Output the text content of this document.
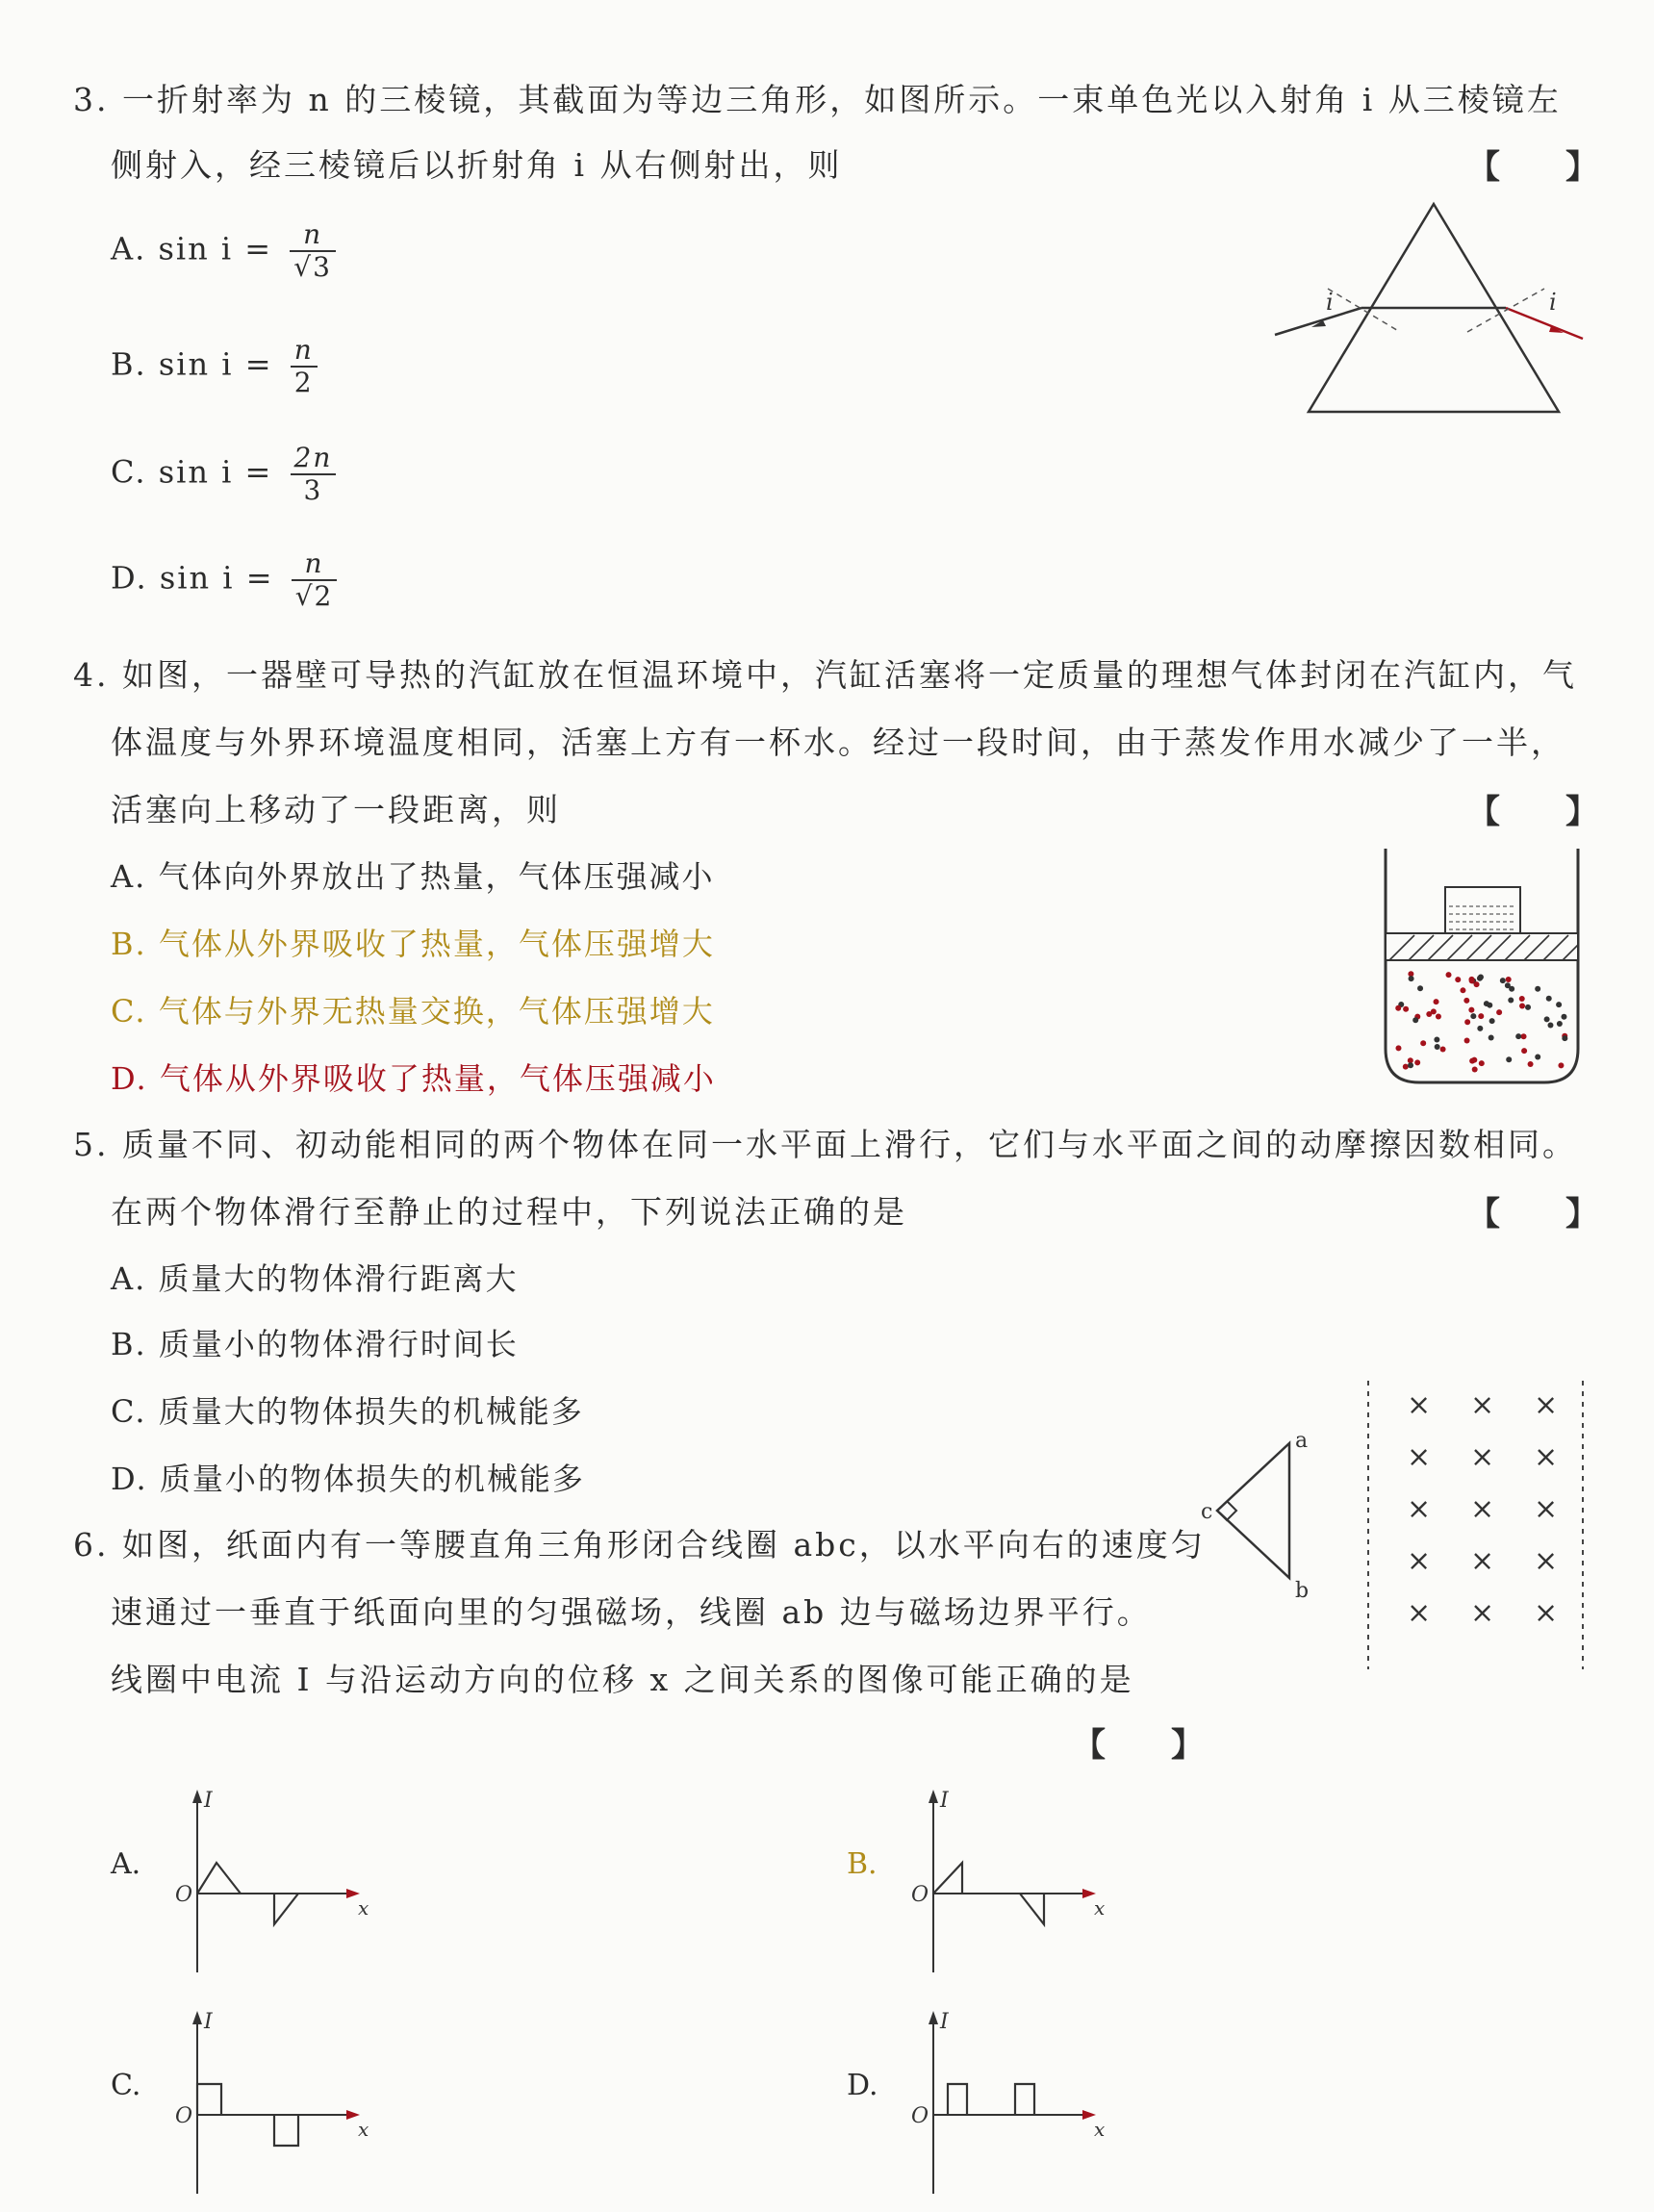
3. 一折射率为 n 的三棱镜，其截面为等边三角形，如图所示。一束单色光以入射角 i 从三棱镜左
侧射入，经三棱镜后以折射角 i 从右侧射出，则	【　　】
A. $\sin i = \frac{n}{√3}$
B. $\sin i = \frac{n}{2}$
C. $\sin i = \frac{2n}{3}$
D. $\sin i = \frac{n}{√2}$
i	i
4. 如图，一器壁可导热的汽缸放在恒温环境中，汽缸活塞将一定质量的理想气体封闭在汽缸内，气
体温度与外界环境温度相同，活塞上方有一杯水。经过一段时间，由于蒸发作用水减少了一半，
活塞向上移动了一段距离，则	【　　】
A. 气体向外界放出了热量，气体压强减小
B. 气体从外界吸收了热量，气体压强增大
C. 气体与外界无热量交换，气体压强增大
D. 气体从外界吸收了热量，气体压强减小
5. 质量不同、初动能相同的两个物体在同一水平面上滑行，它们与水平面之间的动摩擦因数相同。
在两个物体滑行至静止的过程中，下列说法正确的是	【　　】
A. 质量大的物体滑行距离大
B. 质量小的物体滑行时间长
C. 质量大的物体损失的机械能多
D. 质量小的物体损失的机械能多
6. 如图，纸面内有一等腰直角三角形闭合线圈 abc，以水平向右的速度匀
速通过一垂直于纸面向里的匀强磁场，线圈 ab 边与磁场边界平行。
线圈中电流 I 与沿运动方向的位移 x 之间关系的图像可能正确的是
【　　】
a
c
b
× × ×
× × ×
× × ×
× × ×
× × ×
A.
I
x
O
B.
I
x
O
C.
I
x
O
D.
I
x
O
